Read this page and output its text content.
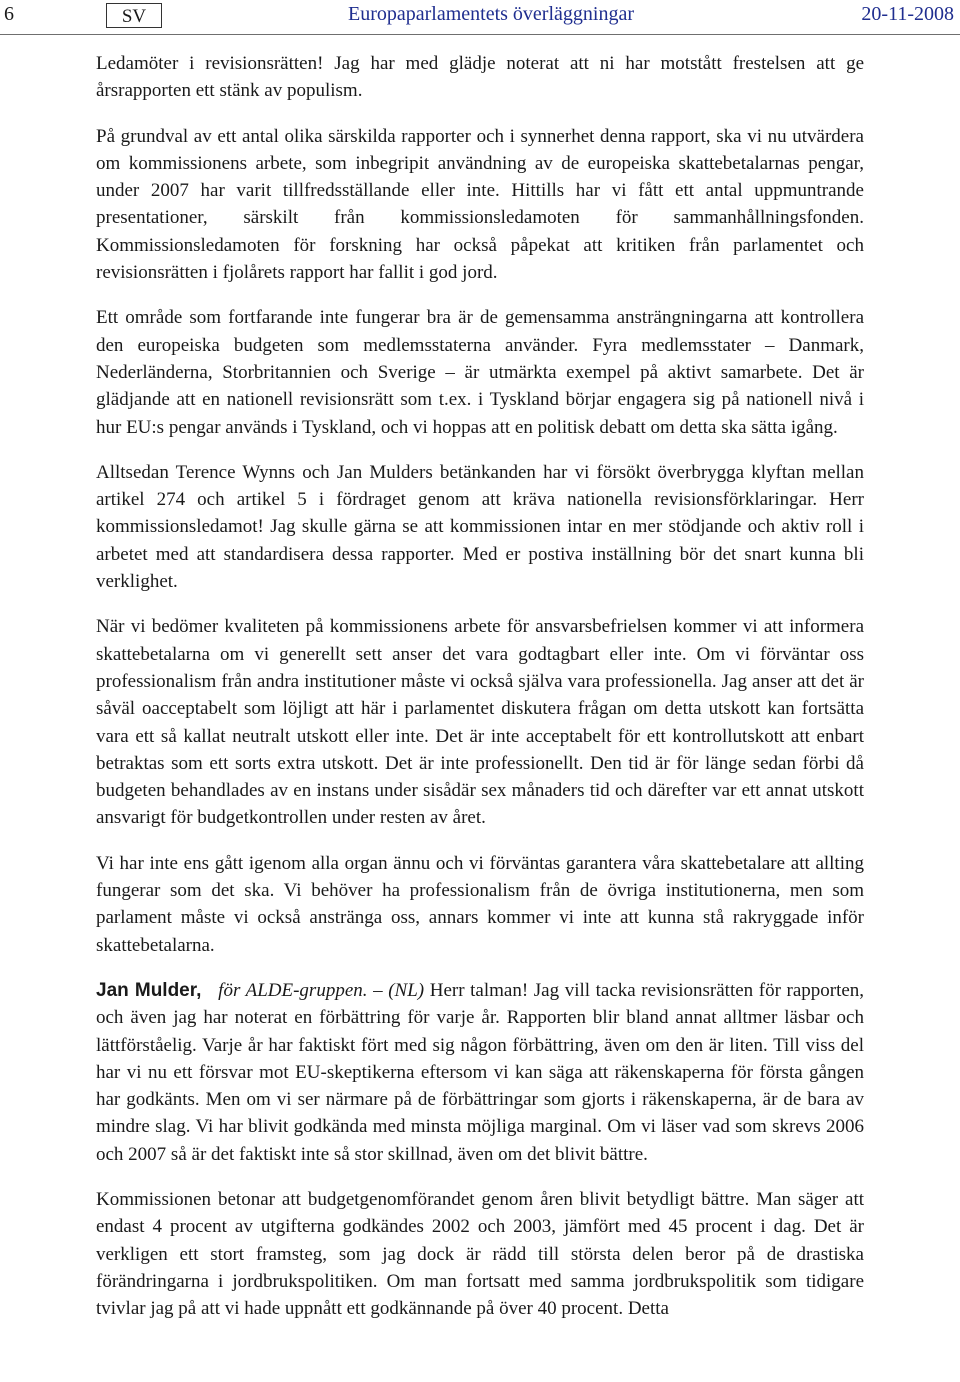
6	SV	Europaparlamentets överläggningar	20-11-2008

Ledamöter i revisionsrätten! Jag har med glädje noterat att ni har motstått frestelsen att ge årsrapporten ett stänk av populism.

På grundval av ett antal olika särskilda rapporter och i synnerhet denna rapport, ska vi nu utvärdera om kommissionens arbete, som inbegripit användning av de europeiska skattebetalarnas pengar, under 2007 har varit tillfredsställande eller inte. Hittills har vi fått ett antal uppmuntrande presentationer, särskilt från kommissionsledamoten för sammanhållningsfonden. Kommissionsledamoten för forskning har också påpekat att kritiken från parlamentet och revisionsrätten i fjolårets rapport har fallit i god jord.

Ett område som fortfarande inte fungerar bra är de gemensamma ansträngningarna att kontrollera den europeiska budgeten som medlemsstaterna använder. Fyra medlemsstater – Danmark, Nederländerna, Storbritannien och Sverige – är utmärkta exempel på aktivt samarbete. Det är glädjande att en nationell revisionsrätt som t.ex. i Tyskland börjar engagera sig på nationell nivå i hur EU:s pengar används i Tyskland, och vi hoppas att en politisk debatt om detta ska sätta igång.

Alltsedan Terence Wynns och Jan Mulders betänkanden har vi försökt överbrygga klyftan mellan artikel 274 och artikel 5 i fördraget genom att kräva nationella revisionsförklaringar. Herr kommissionsledamot! Jag skulle gärna se att kommissionen intar en mer stödjande och aktiv roll i arbetet med att standardisera dessa rapporter. Med er postiva inställning bör det snart kunna bli verklighet.

När vi bedömer kvaliteten på kommissionens arbete för ansvarsbefrielsen kommer vi att informera skattebetalarna om vi generellt sett anser det vara godtagbart eller inte. Om vi förväntar oss professionalism från andra institutioner måste vi också själva vara professionella. Jag anser att det är såväl oacceptabelt som löjligt att här i parlamentet diskutera frågan om detta utskott kan fortsätta vara ett så kallat neutralt utskott eller inte. Det är inte acceptabelt för ett kontrollutskott att enbart betraktas som ett sorts extra utskott. Det är inte professionellt. Den tid är för länge sedan förbi då budgeten behandlades av en instans under sisådär sex månaders tid och därefter var ett annat utskott ansvarigt för budgetkontrollen under resten av året.

Vi har inte ens gått igenom alla organ ännu och vi förväntas garantera våra skattebetalare att allting fungerar som det ska. Vi behöver ha professionalism från de övriga institutionerna, men som parlament måste vi också anstränga oss, annars kommer vi inte att kunna stå rakryggade inför skattebetalarna.

Jan Mulder, för ALDE-gruppen. – (NL) Herr talman! Jag vill tacka revisionsrätten för rapporten, och även jag har noterat en förbättring för varje år. Rapporten blir bland annat alltmer läsbar och lättförståelig. Varje år har faktiskt fört med sig någon förbättring, även om den är liten. Till viss del har vi nu ett försvar mot EU-skeptikerna eftersom vi kan säga att räkenskaperna för första gången har godkänts. Men om vi ser närmare på de förbättringar som gjorts i räkenskaperna, är de bara av mindre slag. Vi har blivit godkända med minsta möjliga marginal. Om vi läser vad som skrevs 2006 och 2007 så är det faktiskt inte så stor skillnad, även om det blivit bättre.

Kommissionen betonar att budgetgenomförandet genom åren blivit betydligt bättre. Man säger att endast 4 procent av utgifterna godkändes 2002 och 2003, jämfört med 45 procent i dag. Det är verkligen ett stort framsteg, som jag dock är rädd till största delen beror på de drastiska förändringarna i jordbrukspolitiken. Om man fortsatt med samma jordbrukspolitik som tidigare tvivlar jag på att vi hade uppnått ett godkännande på över 40 procent. Detta
